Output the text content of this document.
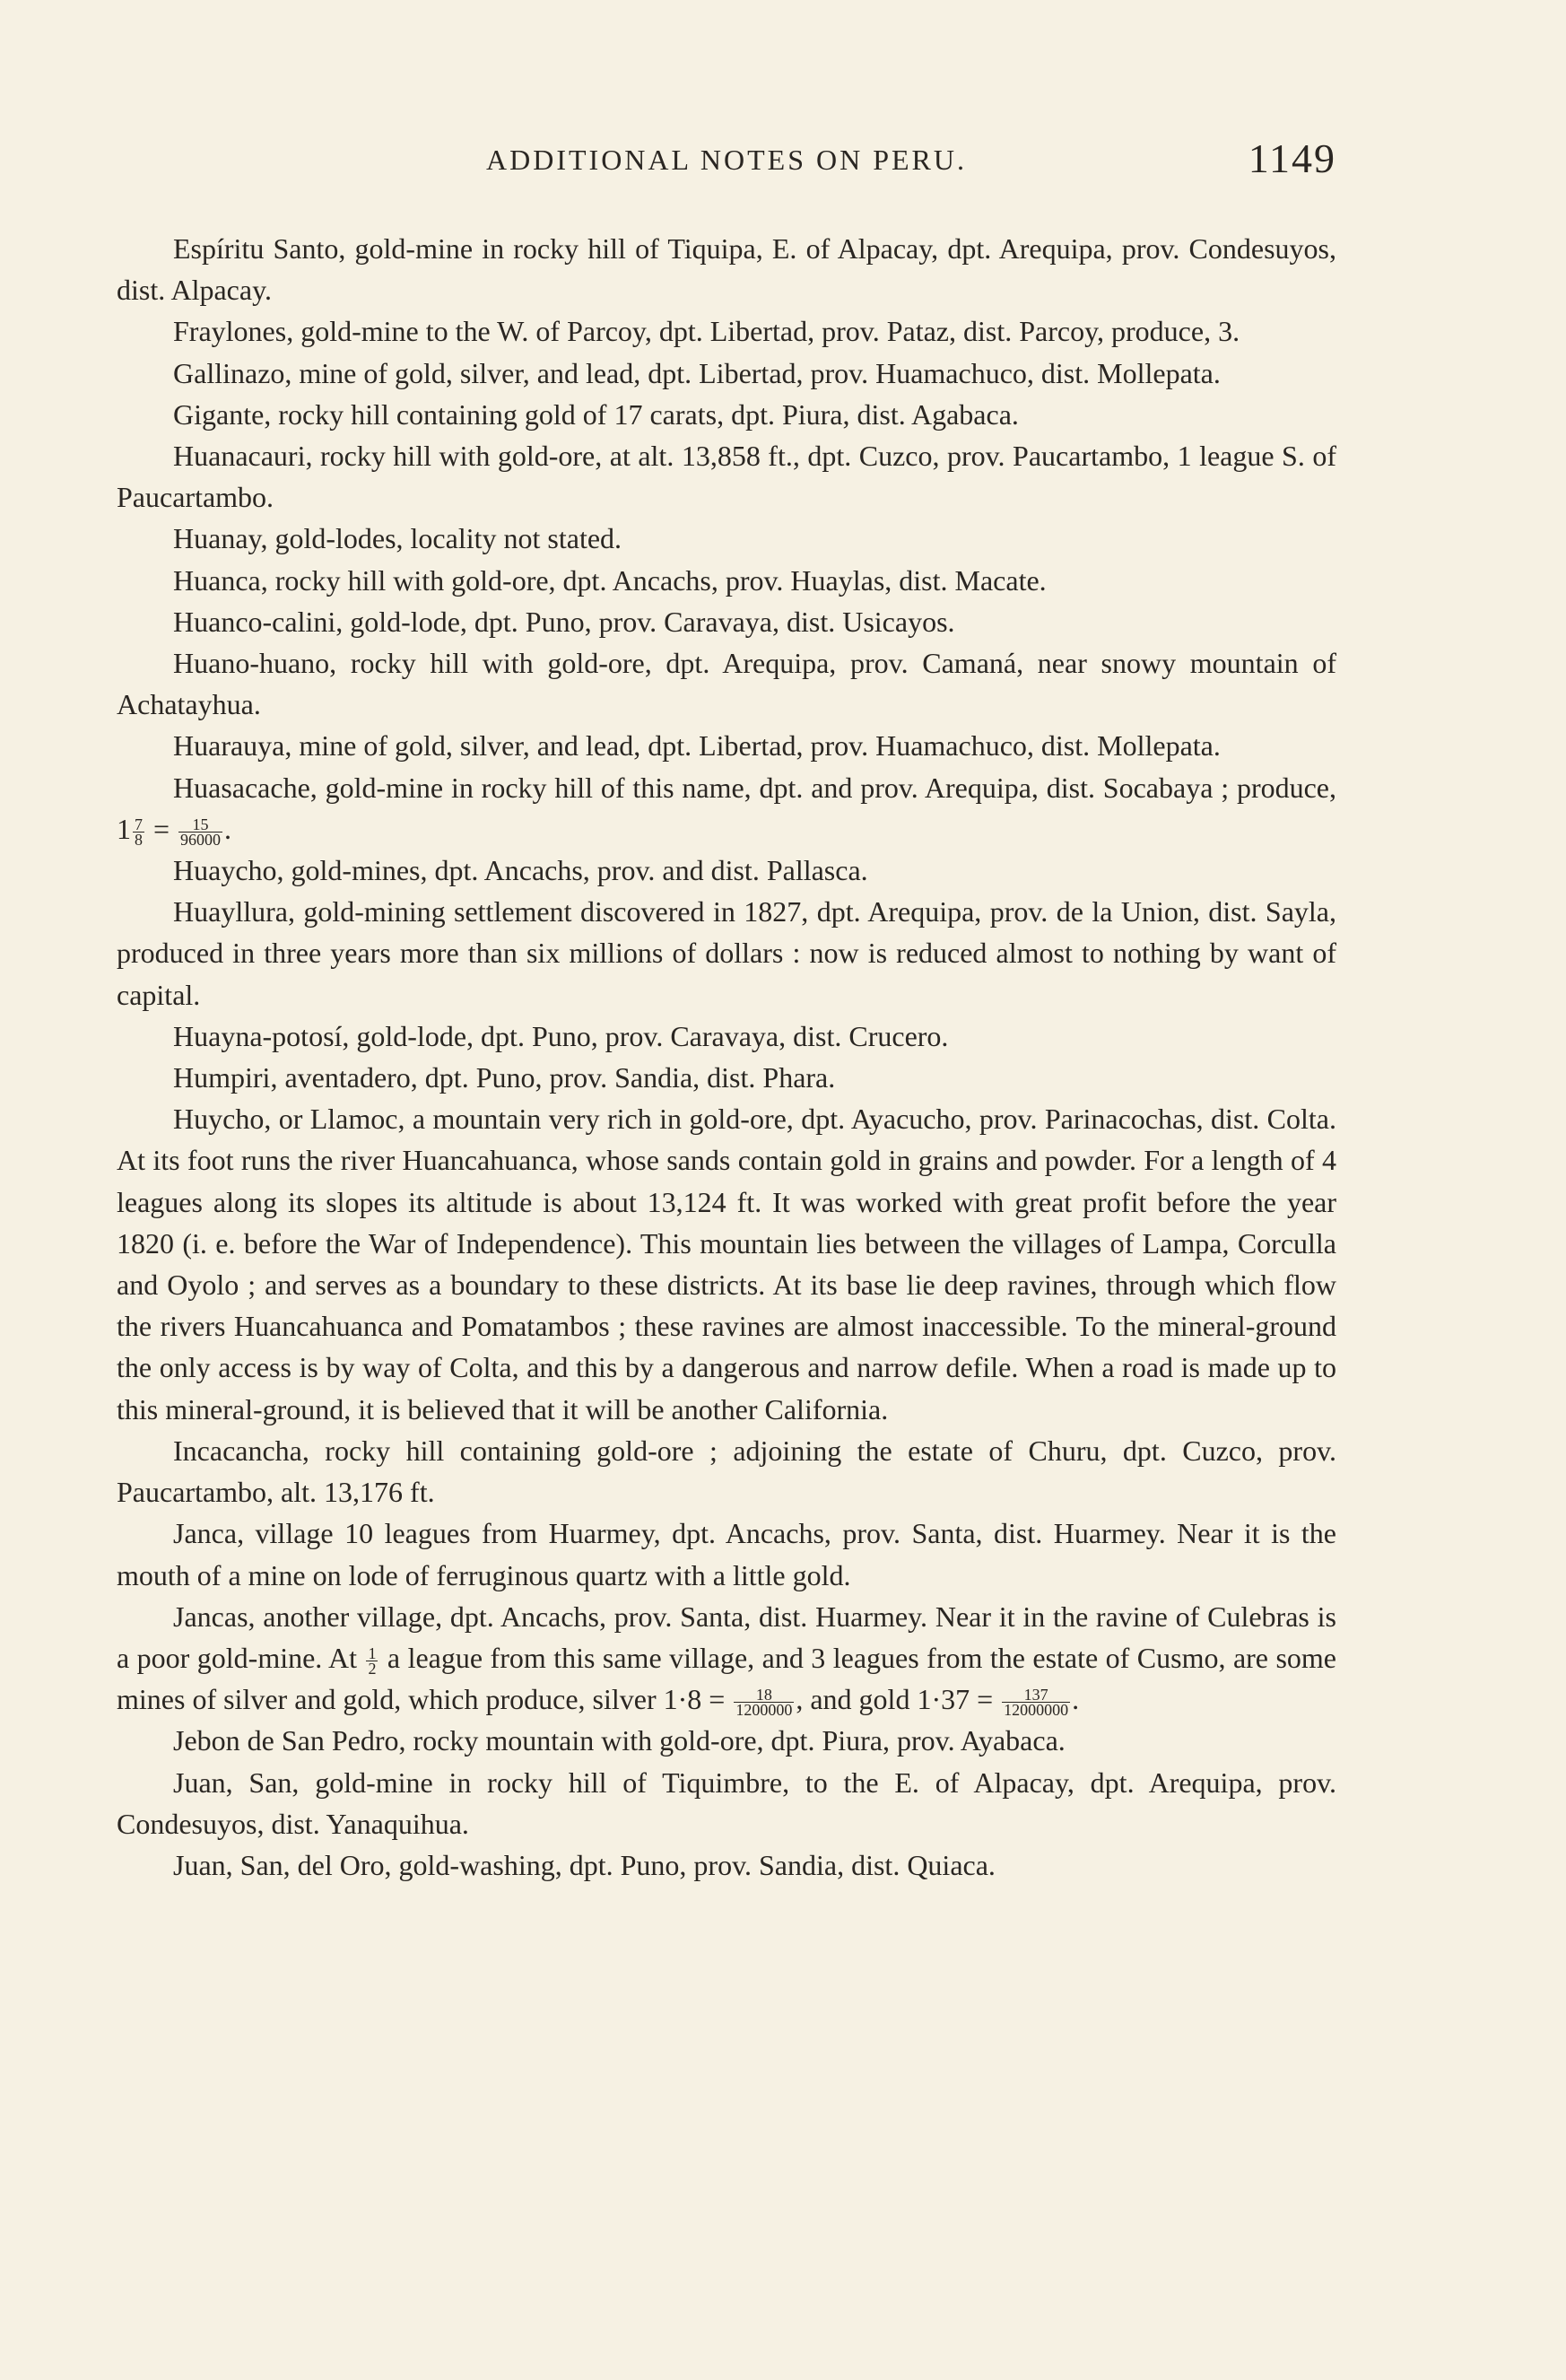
ADDITIONAL NOTES ON PERU.	1149

Espíritu Santo, gold-mine in rocky hill of Tiquipa, E. of Alpacay, dpt. Arequipa, prov. Condesuyos, dist. Alpacay.

Fraylones, gold-mine to the W. of Parcoy, dpt. Libertad, prov. Pataz, dist. Parcoy, produce, 3.

Gallinazo, mine of gold, silver, and lead, dpt. Libertad, prov. Huamachuco, dist. Mollepata.

Gigante, rocky hill containing gold of 17 carats, dpt. Piura, dist. Agabaca.

Huanacauri, rocky hill with gold-ore, at alt. 13,858 ft., dpt. Cuzco, prov. Paucartambo, 1 league S. of Paucartambo.

Huanay, gold-lodes, locality not stated.

Huanca, rocky hill with gold-ore, dpt. Ancachs, prov. Huaylas, dist. Macate.

Huanco-calini, gold-lode, dpt. Puno, prov. Caravaya, dist. Usicayos.

Huano-huano, rocky hill with gold-ore, dpt. Arequipa, prov. Camaná, near snowy mountain of Achatayhua.

Huarauya, mine of gold, silver, and lead, dpt. Libertad, prov. Huamachuco, dist. Mollepata.

Huasacache, gold-mine in rocky hill of this name, dpt. and prov. Arequipa, dist. Socabaya ; produce, $1 \frac{7}{8} = \frac{15}{96000}$ .

Huaycho, gold-mines, dpt. Ancachs, prov. and dist. Pallasca.

Huayllura, gold-mining settlement discovered in 1827, dpt. Arequipa, prov. de la Union, dist. Sayla, produced in three years more than six millions of dollars : now is reduced almost to nothing by want of capital.

Huayna-potosí, gold-lode, dpt. Puno, prov. Caravaya, dist. Crucero.

Humpiri, aventadero, dpt. Puno, prov. Sandia, dist. Phara.

Huycho, or Llamoc, a mountain very rich in gold-ore, dpt. Ayacucho, prov. Parinacochas, dist. Colta. At its foot runs the river Huancahuanca, whose sands contain gold in grains and powder. For a length of 4 leagues along its slopes its altitude is about 13,124 ft. It was worked with great profit before the year 1820 (i. e. before the War of Independence). This mountain lies between the villages of Lampa, Corculla and Oyolo ; and serves as a boundary to these districts. At its base lie deep ravines, through which flow the rivers Huancahuanca and Pomatambos ; these ravines are almost inaccessible. To the mineral-ground the only access is by way of Colta, and this by a dangerous and narrow defile. When a road is made up to this mineral-ground, it is believed that it will be another California.

Incacancha, rocky hill containing gold-ore ; adjoining the estate of Churu, dpt. Cuzco, prov. Paucartambo, alt. 13,176 ft.

Janca, village 10 leagues from Huarmey, dpt. Ancachs, prov. Santa, dist. Huarmey. Near it is the mouth of a mine on lode of ferruginous quartz with a little gold.

Jancas, another village, dpt. Ancachs, prov. Santa, dist. Huarmey. Near it in the ravine of Culebras is a poor gold-mine. At $\frac{1}{2}$ a league from this same village, and 3 leagues from the estate of Cusmo, are some mines of silver and gold, which produce, silver $1\cdot 8 = \frac{18}{1200000}$ , and gold $1\cdot 37 = \frac{137}{12000000}$ .

Jebon de San Pedro, rocky mountain with gold-ore, dpt. Piura, prov. Ayabaca.

Juan, San, gold-mine in rocky hill of Tiquimbre, to the E. of Alpacay, dpt. Arequipa, prov. Condesuyos, dist. Yanaquihua.

Juan, San, del Oro, gold-washing, dpt. Puno, prov. Sandia, dist. Quiaca.
